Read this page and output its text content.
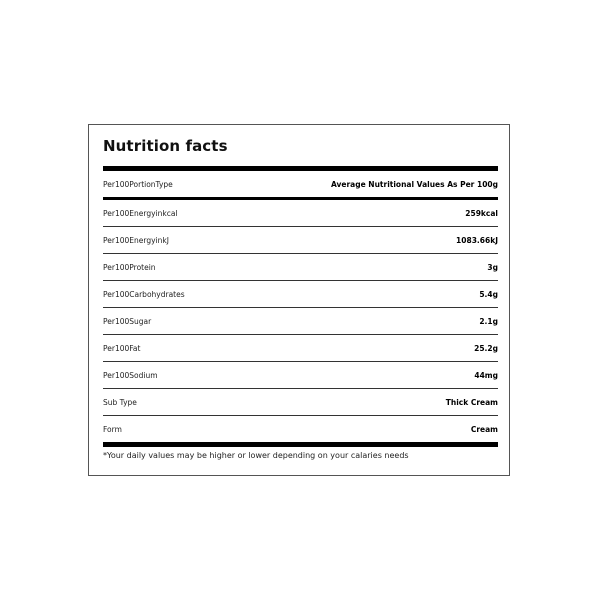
Nutrition facts
Per100PortionType	Average Nutritional Values As Per 100g
Per100Energyinkcal	259kcal
Per100EnergyinkJ	1083.66kJ
Per100Protein	3g
Per100Carbohydrates	5.4g
Per100Sugar	2.1g
Per100Fat	25.2g
Per100Sodium	44mg
Sub Type	Thick Cream
Form	Cream
*Your daily values may be higher or lower depending on your calaries needs
